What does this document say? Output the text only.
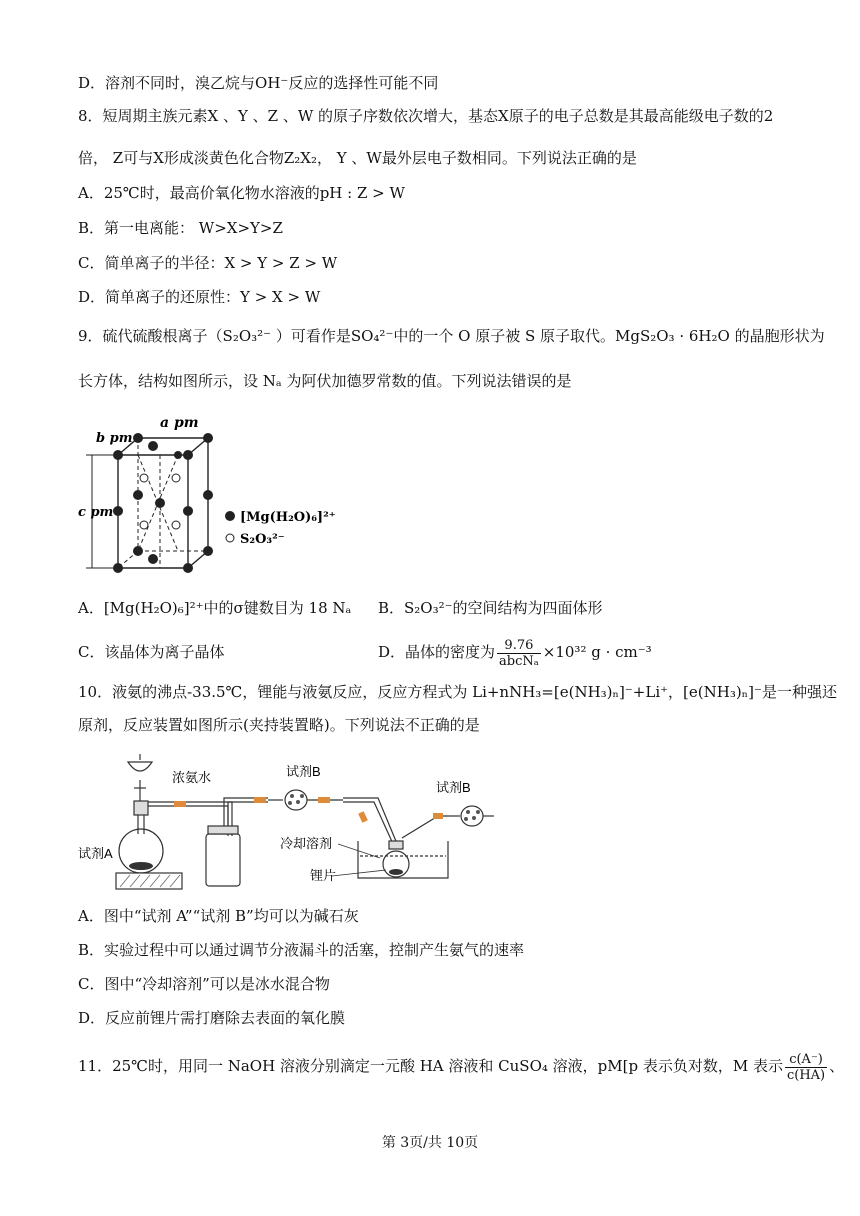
D．溶剂不同时，溴乙烷与OH⁻反应的选择性可能不同
8．短周期主族元素X 、Y 、Z 、W 的原子序数依次增大，基态X原子的电子总数是其最高能级电子数的2
倍， Z可与X形成淡黄色化合物Z₂X₂， Y 、W最外层电子数相同。下列说法正确的是
A．25℃时，最高价氧化物水溶液的pH : Z > W
B．第一电离能： W>X>Y>Z
C．简单离子的半径：X > Y > Z > W
D．简单离子的还原性：Y > X > W
9．硫代硫酸根离子（S₂O₃²⁻ ）可看作是SO₄²⁻中的一个 O 原子被 S 原子取代。MgS₂O₃ · 6H₂O 的晶胞形状为
长方体，结构如图所示，设 Nₐ 为阿伏加德罗常数的值。下列说法错误的是
a pm
b pm
c pm	[Mg(H₂O)₆]²⁺
S₂O₃²⁻
A．[Mg(H₂O)₆]²⁺中的σ键数目为 18 Nₐ B．S₂O₃²⁻的空间结构为四面体形
C．该晶体为离子晶体	D．晶体的密度为 $\frac{9.76}{\text{abcNₐ}} \times 10^{32}$ g · cm⁻³
10．液氨的沸点-33.5℃，锂能与液氨反应，反应方程式为 Li+nNH₃=[e(NH₃)ₙ]⁻+Li⁺，[e(NH₃)ₙ]⁻是一种强还
原剂，反应装置如图所示(夹持装置略)。下列说法不正确的是
浓氨水
试剂A
试剂B
试剂B
冷却溶剂
锂片
A．图中“试剂 A”“试剂 B”均可以为碱石灰
B．实验过程中可以通过调节分液漏斗的活塞，控制产生氨气的速率
C．图中“冷却溶剂”可以是冰水混合物
D．反应前锂片需打磨除去表面的氧化膜
11．25℃时，用同一 NaOH 溶液分别滴定一元酸 HA 溶液和 CuSO₄ 溶液，pM[p 表示负对数，M 表示 $\frac{c(A^-)}{c(HA)}$ 、
第 3页/共 10页
